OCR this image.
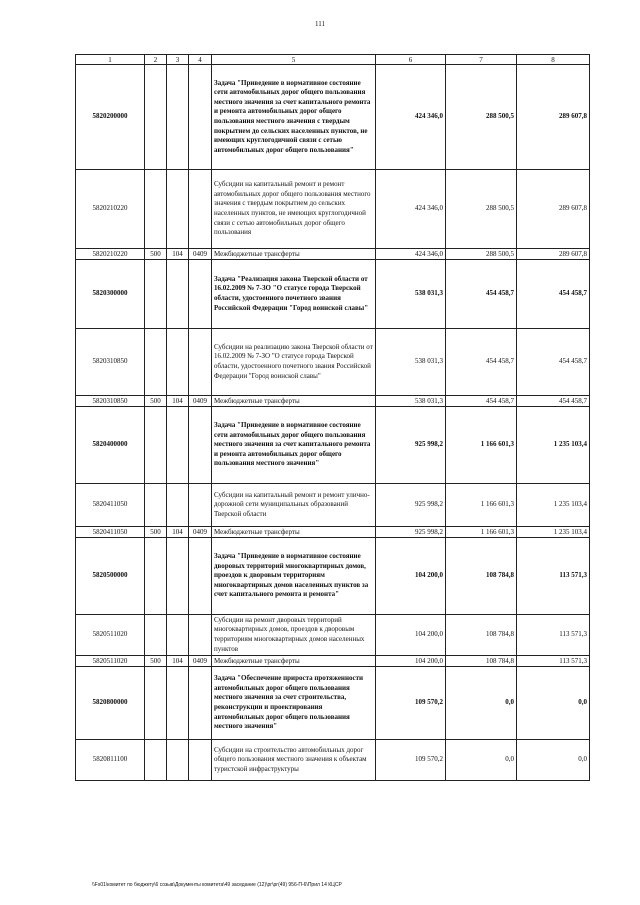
111
1	2	3	4	5	6	7	8
5820200000				Задача "Приведение в нормативное состояние сети автомобильных дорог общего пользования местного значения за счет капитального ремонта и ремонта автомобильных дорог общего пользования местного значения с твердым покрытием до сельских населенных пунктов, не имеющих круглогодичной связи с сетью автомобильных дорог общего пользования"	424 346,0	288 500,5	289 607,8
5820210220				Субсидии на капитальный ремонт и ремонт автомобильных дорог общего пользования местного значения с твердым покрытием до сельских населенных пунктов, не имеющих круглогодичной связи с сетью автомобильных дорог общего пользования	424 346,0	288 500,5	289 607,8
5820210220	500	104	0409	Межбюджетные трансферты	424 346,0	288 500,5	289 607,8
5820300000				Задача "Реализация закона Тверской области от 16.02.2009 № 7-ЗО "О статусе города Тверской области, удостоенного почетного звания Российской Федерации "Город воинской славы"	538 031,3	454 458,7	454 458,7
5820310850				Субсидии на реализацию закона Тверской области от 16.02.2009 № 7-ЗО "О статусе города Тверской области, удостоенного почетного звания Российской Федерации "Город воинской славы"	538 031,3	454 458,7	454 458,7
5820310850	500	104	0409	Межбюджетные трансферты	538 031,3	454 458,7	454 458,7
5820400000				Задача "Приведение в нормативное состояние сети автомобильных дорог общего пользования местного значения за счет капитального ремонта и ремонта автомобильных дорог общего пользования местного значения"	925 998,2	1 166 601,3	1 235 103,4
5820411050				Субсидии на капитальный ремонт и ремонт улично-дорожной сети муниципальных образований Тверской области	925 998,2	1 166 601,3	1 235 103,4
5820411050	500	104	0409	Межбюджетные трансферты	925 998,2	1 166 601,3	1 235 103,4
5820500000				Задача "Приведение в нормативное состояние дворовых территорий многоквартирных домов, проездов к дворовым территориям многоквартирных домов населенных пунктов за счет капитального ремонта и ремонта"	104 200,0	108 784,8	113 571,3
5820511020				Субсидии на ремонт дворовых территорий многоквартирных домов, проездов к дворовым территориям многоквартирных домов населенных пунктов	104 200,0	108 784,8	113 571,3
5820511020	500	104	0409	Межбюджетные трансферты	104 200,0	108 784,8	113 571,3
5820800000				Задача "Обеспечение прироста протяженности автомобильных дорог общего пользования местного значения за счет строительства, реконструкции и проектирования автомобильных дорог общего пользования местного значения"	109 570,2	0,0	0,0
5820811100				Субсидии на строительство автомобильных дорог общего пользования местного значения к объектам туристской инфраструктуры	109 570,2	0,0	0,0
\\Fs01\комитет по бюджету\6 созыв\Документы комитета\49 заседание (12)\рг\рг(49) 956-П-6\Прил 14 КЦСР
